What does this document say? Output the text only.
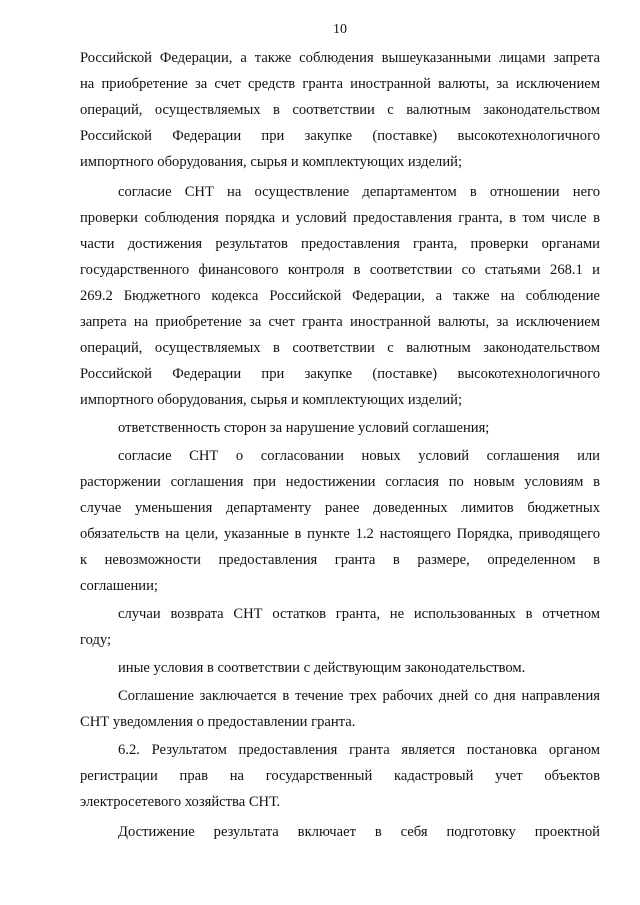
10
Российской Федерации, а также соблюдения вышеуказанными лицами запрета
на приобретение за счет средств гранта иностранной валюты, за исключением
операций, осуществляемых в соответствии с валютным законодательством
Российской Федерации при закупке (поставке) высокотехнологичного
импортного оборудования, сырья и комплектующих изделий;
согласие СНТ на осуществление департаментом в отношении него
проверки соблюдения порядка и условий предоставления гранта, в том числе в
части достижения результатов предоставления гранта, проверки органами
государственного финансового контроля в соответствии со статьями 268.1 и
269.2 Бюджетного кодекса Российской Федерации, а также на соблюдение
запрета на приобретение за счет гранта иностранной валюты, за исключением
операций, осуществляемых в соответствии с валютным законодательством
Российской Федерации при закупке (поставке) высокотехнологичного
импортного оборудования, сырья и комплектующих изделий;
ответственность сторон за нарушение условий соглашения;
согласие СНТ о согласовании новых условий соглашения или
расторжении соглашения при недостижении согласия по новым условиям в
случае уменьшения департаменту ранее доведенных лимитов бюджетных
обязательств на цели, указанные в пункте 1.2 настоящего Порядка, приводящего
к невозможности предоставления гранта в размере, определенном в
соглашении;
случаи возврата СНТ остатков гранта, не использованных в отчетном
году;
иные условия в соответствии с действующим законодательством.
Соглашение заключается в течение трех рабочих дней со дня направления
СНТ уведомления о предоставлении гранта.
6.2. Результатом предоставления гранта является постановка органом
регистрации прав на государственный кадастровый учет объектов
электросетевого хозяйства СНТ.
Достижение результата включает в себя подготовку проектной
